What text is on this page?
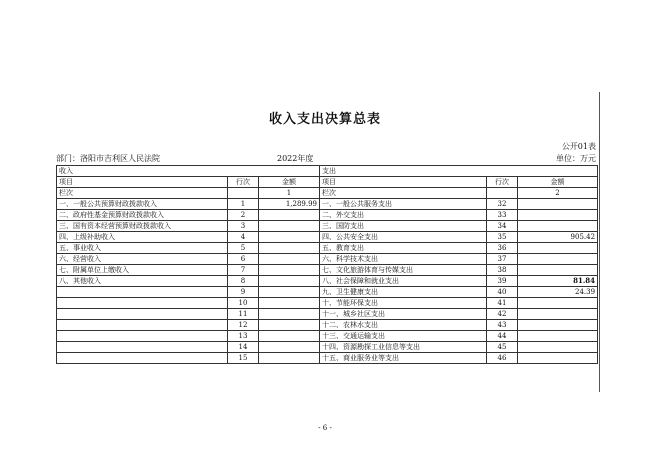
收入支出决算总表
公开01表
部门：洛阳市吉利区人民法院	2022年度	单位：万元
收入			支出		
项目	行次	金额	项目	行次	金额
栏次		1	栏次		2
一、一般公共预算财政拨款收入	1	1,289.99	一、一般公共服务支出	32	
二、政府性基金预算财政拨款收入	2		二、外交支出	33	
三、国有资本经营预算财政拨款收入	3		三、国防支出	34	
四、上级补助收入	4		四、公共安全支出	35	905.42
五、事业收入	5		五、教育支出	36	
六、经营收入	6		六、科学技术支出	37	
七、附属单位上缴收入	7		七、文化旅游体育与传媒支出	38	
八、其他收入	8		八、社会保障和就业支出	39	81.84
	9		九、卫生健康支出	40	24.39
	10		十、节能环保支出	41	
	11		十一、城乡社区支出	42	
	12		十二、农林水支出	43	
	13		十三、交通运输支出	44	
	14		十四、资源勘探工业信息等支出	45	
	15		十五、商业服务业等支出	46	
- 6 -
